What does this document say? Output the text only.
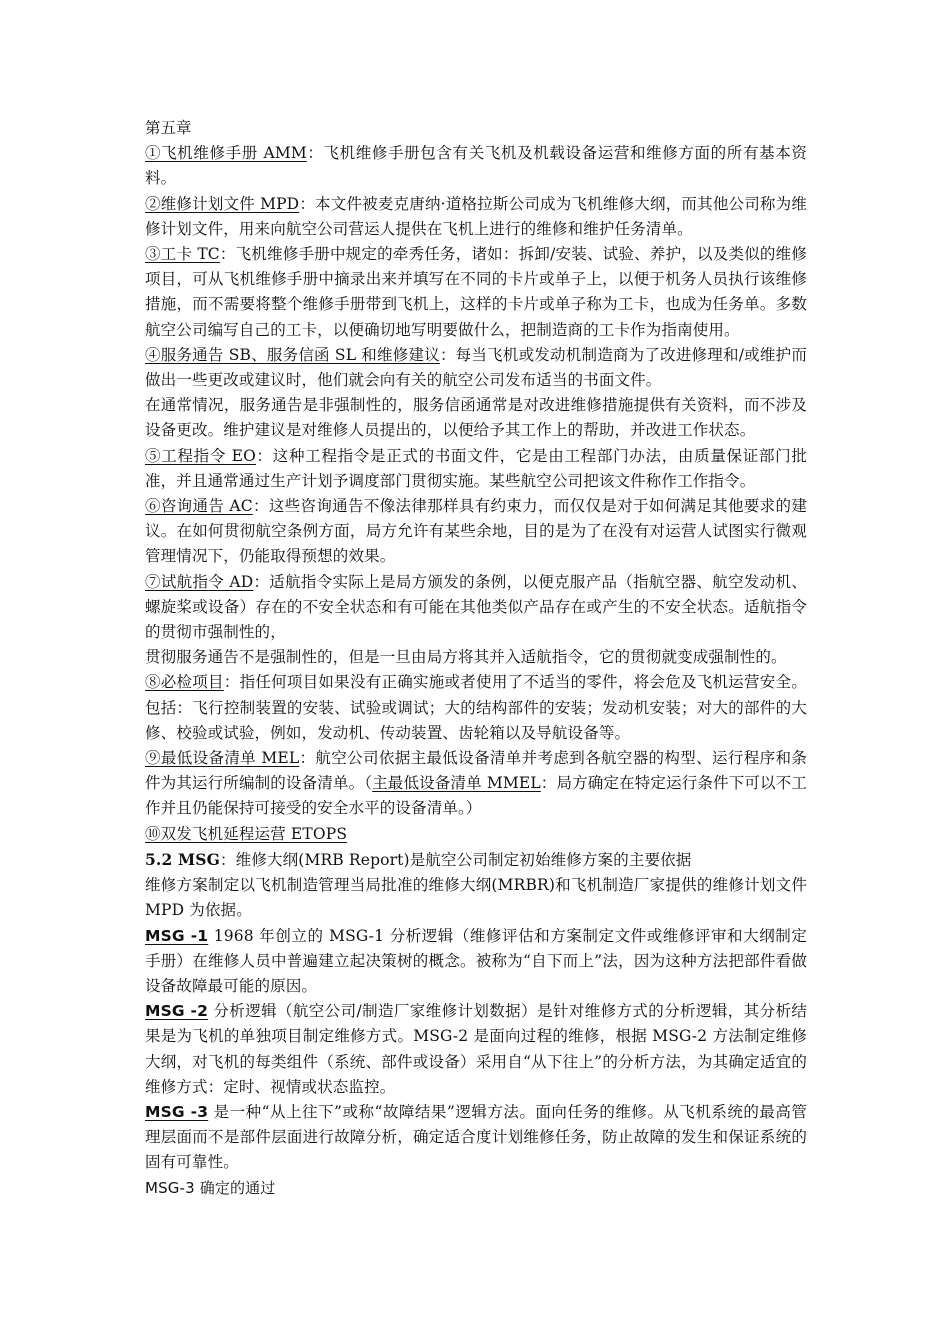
第五章

①飞机维修手册 AMM：飞机维修手册包含有关飞机及机载设备运营和维修方面的所有基本资料。

②维修计划文件 MPD：本文件被麦克唐纳·道格拉斯公司成为飞机维修大纲，而其他公司称为维修计划文件，用来向航空公司营运人提供在飞机上进行的维修和维护任务清单。

③工卡 TC：飞机维修手册中规定的牵秀任务，诸如：拆卸/安装、试验、养护，以及类似的维修项目，可从飞机维修手册中摘录出来并填写在不同的卡片或单子上，以便于机务人员执行该维修措施，而不需要将整个维修手册带到飞机上，这样的卡片或单子称为工卡，也成为任务单。多数航空公司编写自己的工卡，以便确切地写明要做什么，把制造商的工卡作为指南使用。

④服务通告 SB、服务信函 SL 和维修建议：每当飞机或发动机制造商为了改进修理和/或维护而做出一些更改或建议时，他们就会向有关的航空公司发布适当的书面文件。

在通常情况，服务通告是非强制性的，服务信函通常是对改进维修措施提供有关资料，而不涉及设备更改。维护建议是对维修人员提出的，以便给予其工作上的帮助，并改进工作状态。

⑤工程指令 EO：这种工程指令是正式的书面文件，它是由工程部门办法，由质量保证部门批准，并且通常通过生产计划予调度部门贯彻实施。某些航空公司把该文件称作工作指令。

⑥咨询通告 AC：这些咨询通告不像法律那样具有约束力，而仅仅是对于如何满足其他要求的建议。在如何贯彻航空条例方面，局方允许有某些余地，目的是为了在没有对运营人试图实行微观管理情况下，仍能取得预想的效果。

⑦试航指令 AD：适航指令实际上是局方颁发的条例，以便克服产品（指航空器、航空发动机、螺旋桨或设备）存在的不安全状态和有可能在其他类似产品存在或产生的不安全状态。适航指令的贯彻市强制性的，

贯彻服务通告不是强制性的，但是一旦由局方将其并入适航指令，它的贯彻就变成强制性的。

⑧必检项目：指任何项目如果没有正确实施或者使用了不适当的零件，将会危及飞机运营安全。包括：飞行控制装置的安装、试验或调试；大的结构部件的安装；发动机安装；对大的部件的大修、校验或试验，例如，发动机、传动装置、齿轮箱以及导航设备等。

⑨最低设备清单 MEL：航空公司依据主最低设备清单并考虑到各航空器的构型、运行程序和条件为其运行所编制的设备清单。（主最低设备清单 MMEL：局方确定在特定运行条件下可以不工作并且仍能保持可接受的安全水平的设备清单。）

⑩双发飞机延程运营 ETOPS

5.2 MSG：维修大纲(MRB Report)是航空公司制定初始维修方案的主要依据

维修方案制定以飞机制造管理当局批准的维修大纲(MRBR)和飞机制造厂家提供的维修计划文件 MPD 为依据。

MSG -1 1968 年创立的 MSG-1 分析逻辑（维修评估和方案制定文件或维修评审和大纲制定手册）在维修人员中普遍建立起决策树的概念。被称为“自下而上”法，因为这种方法把部件看做设备故障最可能的原因。

MSG -2 分析逻辑（航空公司/制造厂家维修计划数据）是针对维修方式的分析逻辑，其分析结果是为飞机的单独项目制定维修方式。MSG-2 是面向过程的维修，根据 MSG-2 方法制定维修大纲，对飞机的每类组件（系统、部件或设备）采用自“从下往上”的分析方法，为其确定适宜的维修方式：定时、视情或状态监控。

MSG -3 是一种“从上往下”或称“故障结果”逻辑方法。面向任务的维修。从飞机系统的最高管理层面而不是部件层面进行故障分析，确定适合度计划维修任务，防止故障的发生和保证系统的固有可靠性。

MSG-3 确定的通过
